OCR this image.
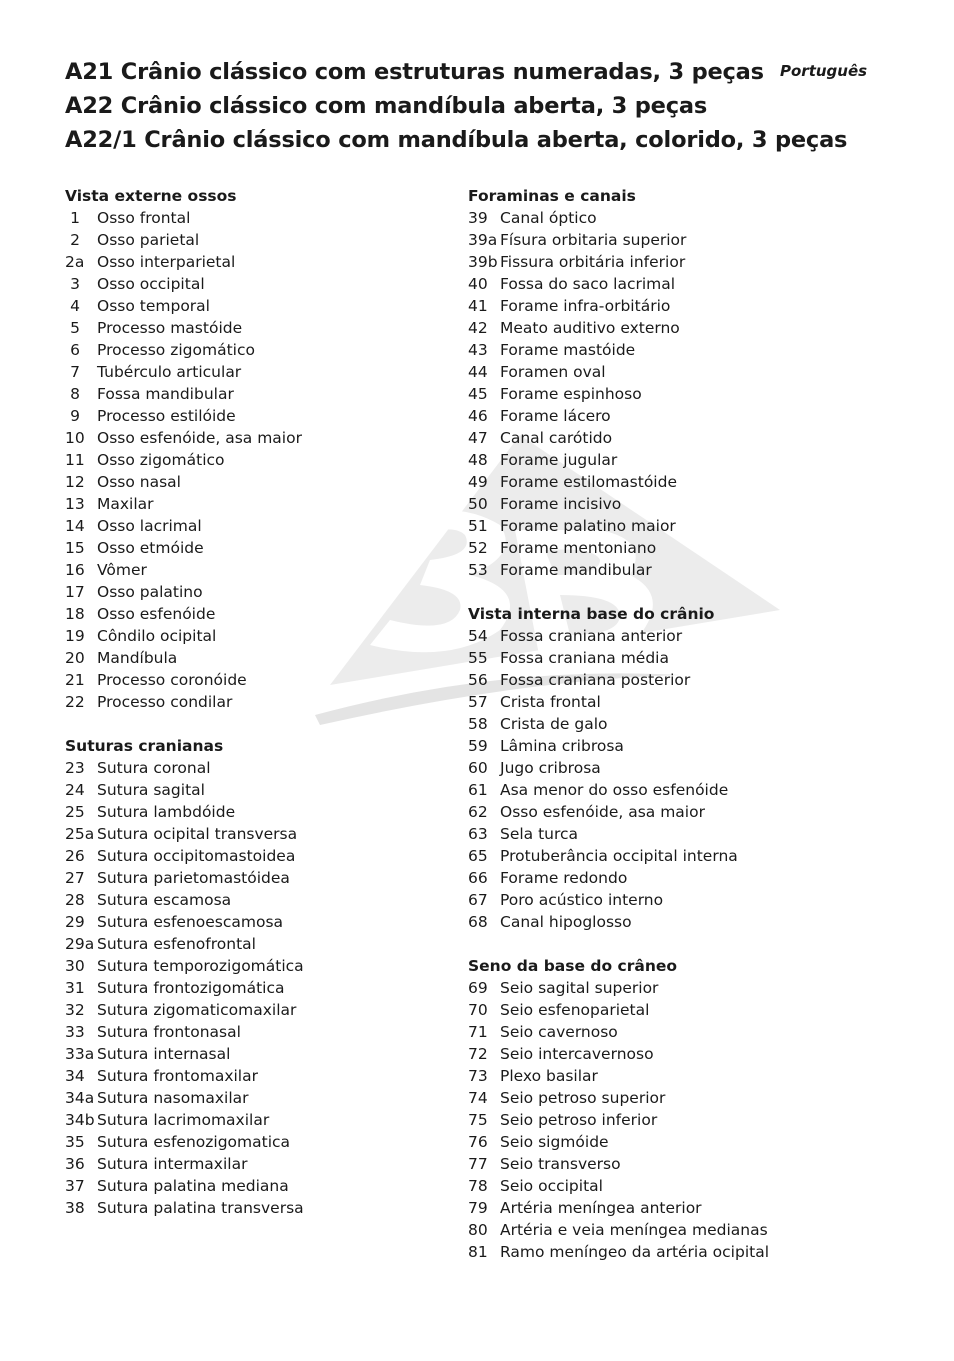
A21 Crânio clássico com estruturas numeradas, 3 peças
A22 Crânio clássico com mandíbula aberta, 3 peças
A22/1 Crânio clássico com mandíbula aberta, colorido, 3 peças
Português
Vista externe ossos
1 Osso frontal
2 Osso parietal
2a Osso interparietal
3 Osso occipital
4 Osso temporal
5 Processo mastóide
6 Processo zigomático
7 Tubérculo articular
8 Fossa mandibular
9 Processo estilóide
10 Osso esfenóide, asa maior
11 Osso zigomático
12 Osso nasal
13 Maxilar
14 Osso lacrimal
15 Osso etmóide
16 Vômer
17 Osso palatino
18 Osso esfenóide
19 Côndilo ocipital
20 Mandíbula
21 Processo coronóide
22 Processo condilar
Suturas cranianas
23 Sutura coronal
24 Sutura sagital
25 Sutura lambdóide
25a Sutura ocipital transversa
26 Sutura occipitomastoidea
27 Sutura parietomastóidea
28 Sutura escamosa
29 Sutura esfenoescamosa
29a Sutura esfenofrontal
30 Sutura temporozigomática
31 Sutura frontozigomática
32 Sutura zigomaticomaxilar
33 Sutura frontonasal
33a Sutura internasal
34 Sutura frontomaxilar
34a Sutura nasomaxilar
34b Sutura lacrimomaxilar
35 Sutura esfenozigomatica
36 Sutura intermaxilar
37 Sutura palatina mediana
38 Sutura palatina transversa
Foraminas e canais
39 Canal óptico
39a Físura orbitaria superior
39b Fissura orbitária inferior
40 Fossa do saco lacrimal
41 Forame infra-orbitário
42 Meato auditivo externo
43 Forame mastóide
44 Foramen oval
45 Forame espinhoso
46 Forame lácero
47 Canal carótido
48 Forame jugular
49 Forame estilomastóide
50 Forame incisivo
51 Forame palatino maior
52 Forame mentoniano
53 Forame mandibular
Vista interna base do crânio
54 Fossa craniana anterior
55 Fossa craniana média
56 Fossa craniana posterior
57 Crista frontal
58 Crista de galo
59 Lâmina cribrosa
60 Jugo cribrosa
61 Asa menor do osso esfenóide
62 Osso esfenóide, asa maior
63 Sela turca
65 Protuberância occipital interna
66 Forame redondo
67 Poro acústico interno
68 Canal hipoglosso
Seno da base do crâneo
69 Seio sagital superior
70 Seio esfenoparietal
71 Seio cavernoso
72 Seio intercavernoso
73 Plexo basilar
74 Seio petroso superior
75 Seio petroso inferior
76 Seio sigmóide
77 Seio transverso
78 Seio occipital
79 Artéria meníngea anterior
80 Artéria e veia meníngea medianas
81 Ramo meníngeo da artéria ocipital
